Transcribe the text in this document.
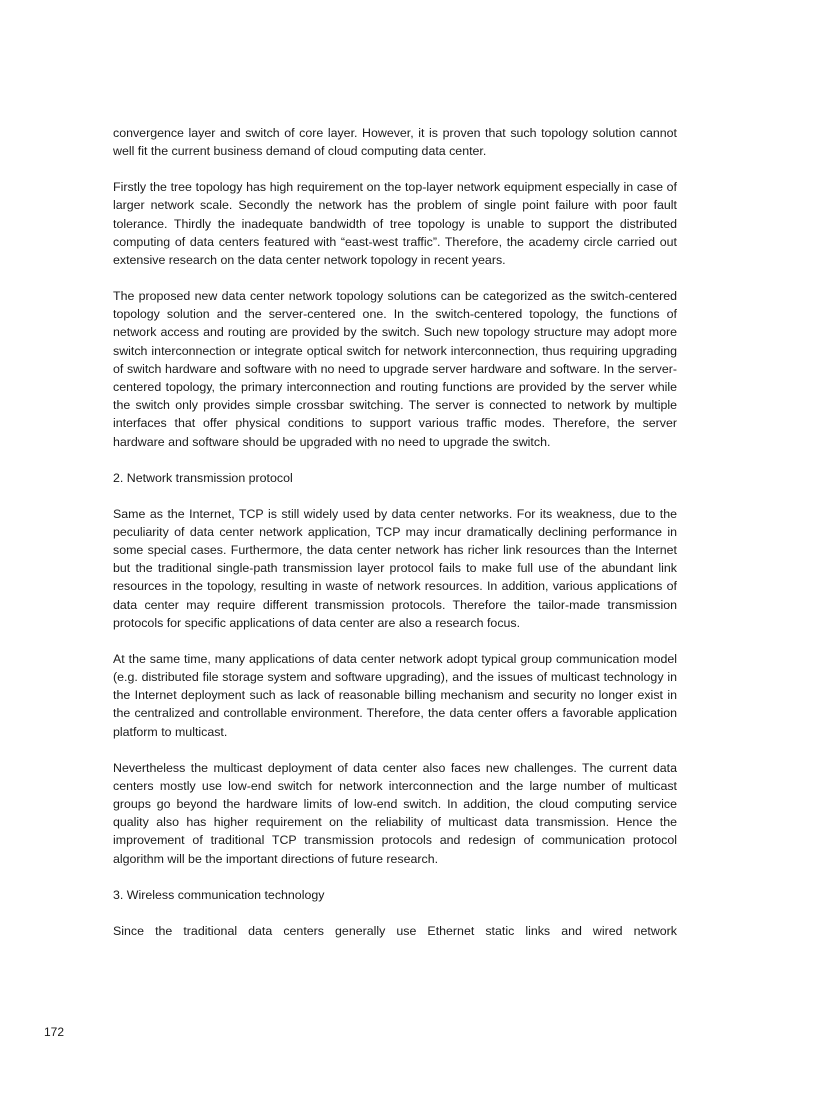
convergence layer and switch of core layer. However, it is proven that such topology solution cannot well fit the current business demand of cloud computing data center.

Firstly the tree topology has high requirement on the top-layer network equipment especially in case of larger network scale. Secondly the network has the problem of single point failure with poor fault tolerance. Thirdly the inadequate bandwidth of tree topology is unable to support the distributed computing of data centers featured with “east-west traffic”. Therefore, the academy circle carried out extensive research on the data center network topology in recent years.

The proposed new data center network topology solutions can be categorized as the switch-centered topology solution and the server-centered one. In the switch-centered topology, the functions of network access and routing are provided by the switch. Such new topology structure may adopt more switch interconnection or integrate optical switch for network interconnection, thus requiring upgrading of switch hardware and software with no need to upgrade server hardware and software. In the server-centered topology, the primary interconnection and routing functions are provided by the server while the switch only provides simple crossbar switching. The server is connected to network by multiple interfaces that offer physical conditions to support various traffic modes. Therefore, the server hardware and software should be upgraded with no need to upgrade the switch.

2. Network transmission protocol

Same as the Internet, TCP is still widely used by data center networks. For its weakness, due to the peculiarity of data center network application, TCP may incur dramatically declining performance in some special cases. Furthermore, the data center network has richer link resources than the Internet but the traditional single-path transmission layer protocol fails to make full use of the abundant link resources in the topology, resulting in waste of network resources. In addition, various applications of data center may require different transmission protocols. Therefore the tailor-made transmission protocols for specific applications of data center are also a research focus.

At the same time, many applications of data center network adopt typical group communication model (e.g. distributed file storage system and software upgrading), and the issues of multicast technology in the Internet deployment such as lack of reasonable billing mechanism and security no longer exist in the centralized and controllable environment. Therefore, the data center offers a favorable application platform to multicast.

Nevertheless the multicast deployment of data center also faces new challenges. The current data centers mostly use low-end switch for network interconnection and the large number of multicast groups go beyond the hardware limits of low-end switch. In addition, the cloud computing service quality also has higher requirement on the reliability of multicast data transmission. Hence the improvement of traditional TCP transmission protocols and redesign of communication protocol algorithm will be the important directions of future research.

3. Wireless communication technology

Since the traditional data centers generally use Ethernet static links and wired network

172
